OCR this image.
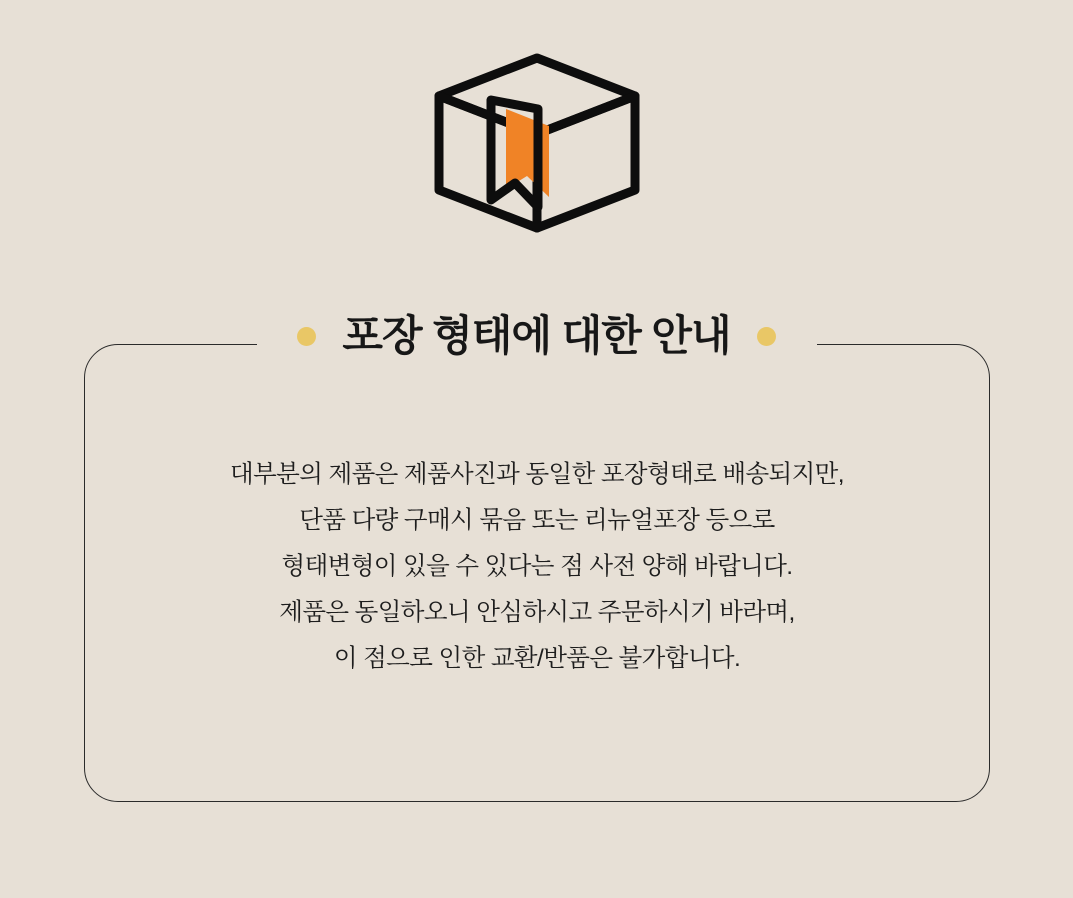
포장 형태에 대한 안내

대부분의 제품은 제품사진과 동일한 포장형태로 배송되지만,

단품 다량 구매시 묶음 또는 리뉴얼포장 등으로

형태변형이 있을 수 있다는 점 사전 양해 바랍니다.

제품은 동일하오니 안심하시고 주문하시기 바라며,

이 점으로 인한 교환/반품은 불가합니다.
